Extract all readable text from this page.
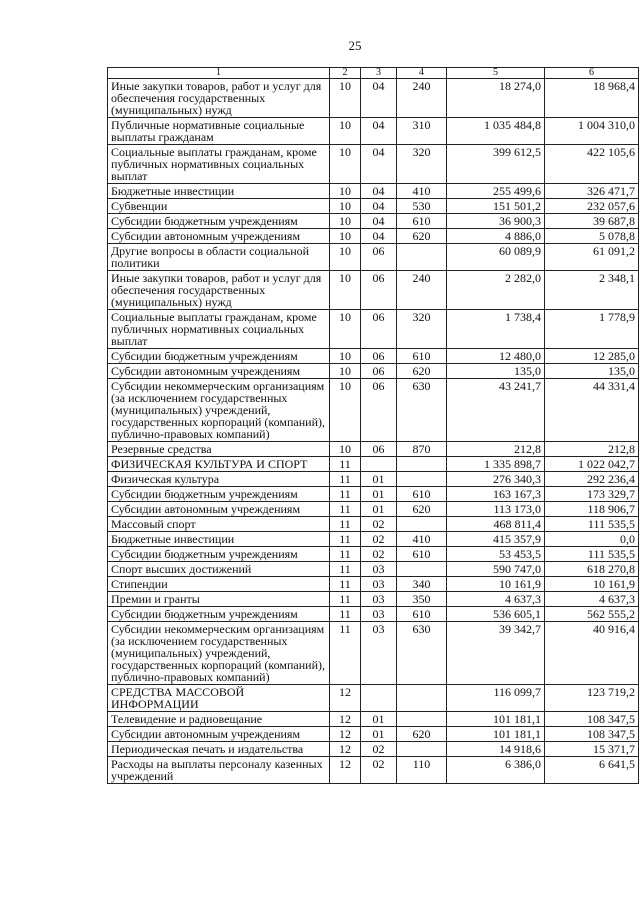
25
1	2	3	4	5	6
Иные закупки товаров, работ и услуг для обеспечения государственных (муниципальных) нужд	10	04	240	18 274,0	18 968,4
Публичные нормативные социальные выплаты гражданам	10	04	310	1 035 484,8	1 004 310,0
Социальные выплаты гражданам, кроме публичных нормативных социальных выплат	10	04	320	399 612,5	422 105,6
Бюджетные инвестиции	10	04	410	255 499,6	326 471,7
Субвенции	10	04	530	151 501,2	232 057,6
Субсидии бюджетным учреждениям	10	04	610	36 900,3	39 687,8
Субсидии автономным учреждениям	10	04	620	4 886,0	5 078,8
Другие вопросы в области социальной политики	10	06		60 089,9	61 091,2
Иные закупки товаров, работ и услуг для обеспечения государственных (муниципальных) нужд	10	06	240	2 282,0	2 348,1
Социальные выплаты гражданам, кроме публичных нормативных социальных выплат	10	06	320	1 738,4	1 778,9
Субсидии бюджетным учреждениям	10	06	610	12 480,0	12 285,0
Субсидии автономным учреждениям	10	06	620	135,0	135,0
Субсидии некоммерческим организациям (за исключением государственных (муниципальных) учреждений, государственных корпораций (компаний), публично-правовых компаний)	10	06	630	43 241,7	44 331,4
Резервные средства	10	06	870	212,8	212,8
ФИЗИЧЕСКАЯ КУЛЬТУРА И СПОРТ	11			1 335 898,7	1 022 042,7
Физическая культура	11	01		276 340,3	292 236,4
Субсидии бюджетным учреждениям	11	01	610	163 167,3	173 329,7
Субсидии автономным учреждениям	11	01	620	113 173,0	118 906,7
Массовый спорт	11	02		468 811,4	111 535,5
Бюджетные инвестиции	11	02	410	415 357,9	0,0
Субсидии бюджетным учреждениям	11	02	610	53 453,5	111 535,5
Спорт высших достижений	11	03		590 747,0	618 270,8
Стипендии	11	03	340	10 161,9	10 161,9
Премии и гранты	11	03	350	4 637,3	4 637,3
Субсидии бюджетным учреждениям	11	03	610	536 605,1	562 555,2
Субсидии некоммерческим организациям (за исключением государственных (муниципальных) учреждений, государственных корпораций (компаний), публично-правовых компаний)	11	03	630	39 342,7	40 916,4
СРЕДСТВА МАССОВОЙ ИНФОРМАЦИИ	12			116 099,7	123 719,2
Телевидение и радиовещание	12	01		101 181,1	108 347,5
Субсидии автономным учреждениям	12	01	620	101 181,1	108 347,5
Периодическая печать и издательства	12	02		14 918,6	15 371,7
Расходы на выплаты персоналу казенных учреждений	12	02	110	6 386,0	6 641,5
